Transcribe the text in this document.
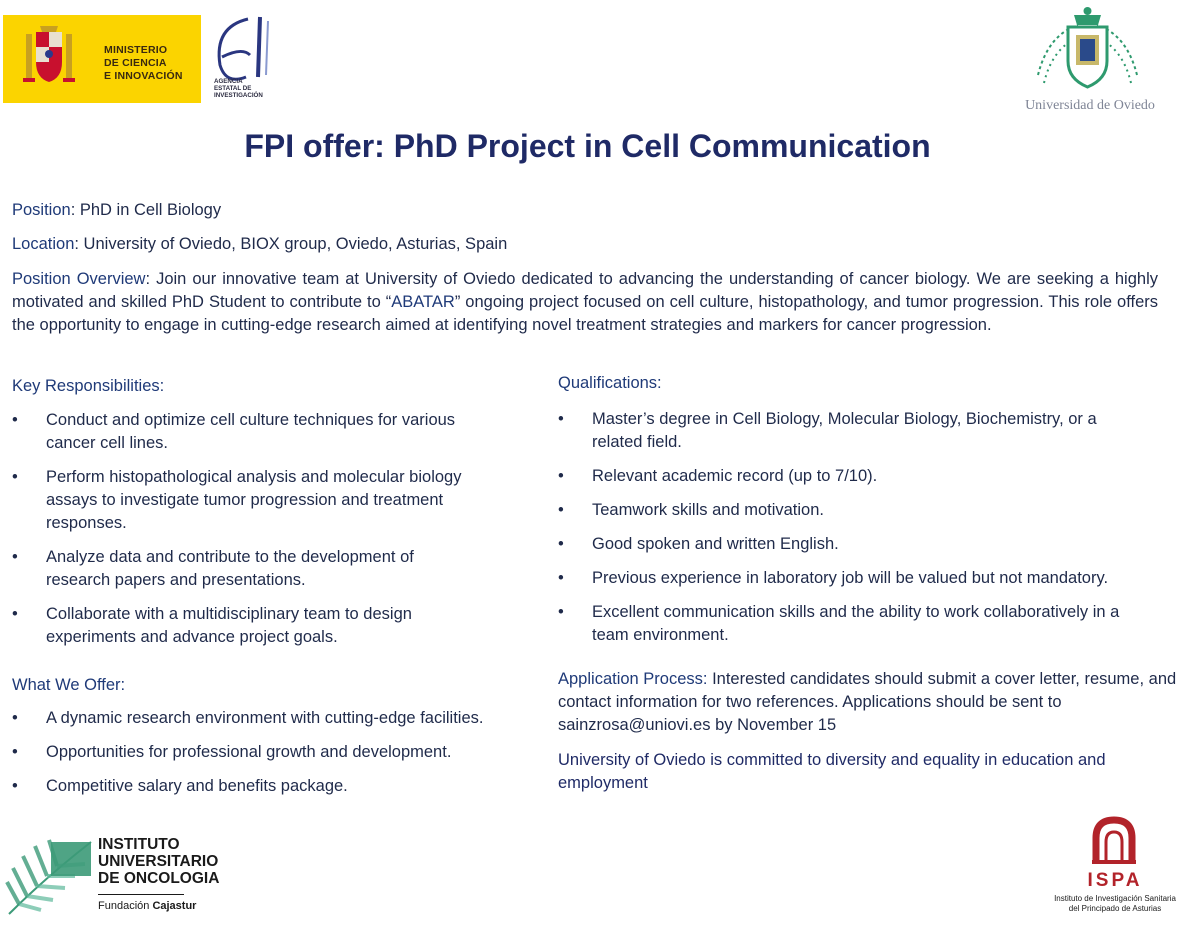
MINISTERIO
DE CIENCIA
E INNOVACIÓN	AGENCIA
ESTATAL DE
INVESTIGACIÓN
Universidad de Oviedo
FPI offer: PhD Project in Cell Communication
Position: PhD in Cell Biology
Location: University of Oviedo, BIOX group, Oviedo, Asturias, Spain
Position Overview: Join our innovative team at University of Oviedo dedicated to advancing the understanding of cancer biology. We are seeking a highly motivated and skilled PhD Student to contribute to “ABATAR” ongoing project focused on cell culture, histopathology, and tumor progression. This role offers the opportunity to engage in cutting-edge research aimed at identifying novel treatment strategies and markers for cancer progression.
Key Responsibilities:
• Conduct and optimize cell culture techniques for various cancer cell lines.
• Perform histopathological analysis and molecular biology assays to investigate tumor progression and treatment responses.
• Analyze data and contribute to the development of research papers and presentations.
• Collaborate with a multidisciplinary team to design experiments and advance project goals.
What We Offer:
• A dynamic research environment with cutting-edge facilities.
• Opportunities for professional growth and development.
• Competitive salary and benefits package.
Qualifications:
• Master’s degree in Cell Biology, Molecular Biology, Biochemistry, or a related field.
• Relevant academic record (up to 7/10).
• Teamwork skills and motivation.
• Good spoken and written English.
• Previous experience in laboratory job will be valued but not mandatory.
• Excellent communication skills and the ability to work collaboratively in a team environment.
Application Process: Interested candidates should submit a cover letter, resume, and contact information for two references. Applications should be sent to sainzrosa@uniovi.es by November 15
University of Oviedo is committed to diversity and equality in education and employment
INSTITUTO
UNIVERSITARIO
DE ONCOLOGIA
Fundación Cajastur
ISPA
Instituto de Investigación Sanitaria
del Principado de Asturias
